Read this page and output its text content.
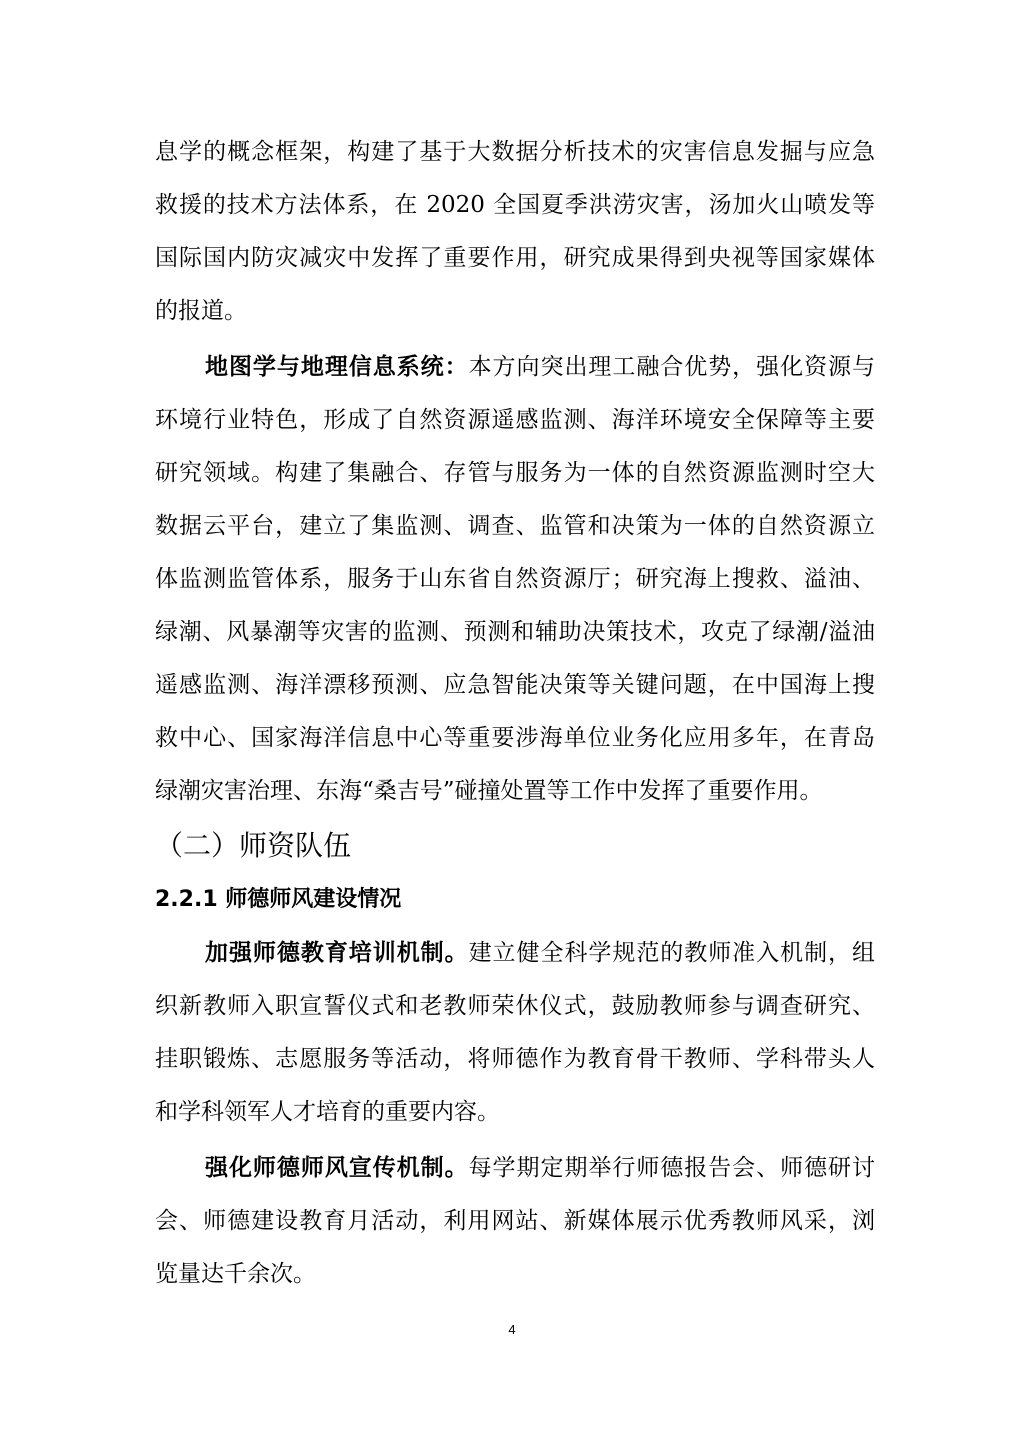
息学的概念框架，构建了基于大数据分析技术的灾害信息发掘与应急
救援的技术方法体系，在 2020 全国夏季洪涝灾害，汤加火山喷发等
国际国内防灾减灾中发挥了重要作用，研究成果得到央视等国家媒体
的报道。
地图学与地理信息系统：本方向突出理工融合优势，强化资源与
环境行业特色，形成了自然资源遥感监测、海洋环境安全保障等主要
研究领域。构建了集融合、存管与服务为一体的自然资源监测时空大
数据云平台，建立了集监测、调查、监管和决策为一体的自然资源立
体监测监管体系，服务于山东省自然资源厅；研究海上搜救、溢油、
绿潮、风暴潮等灾害的监测、预测和辅助决策技术，攻克了绿潮/溢油
遥感监测、海洋漂移预测、应急智能决策等关键问题，在中国海上搜
救中心、国家海洋信息中心等重要涉海单位业务化应用多年，在青岛
绿潮灾害治理、东海“桑吉号”碰撞处置等工作中发挥了重要作用。
（二）师资队伍
2.2.1 师德师风建设情况
加强师德教育培训机制。建立健全科学规范的教师准入机制，组
织新教师入职宣誓仪式和老教师荣休仪式，鼓励教师参与调查研究、
挂职锻炼、志愿服务等活动，将师德作为教育骨干教师、学科带头人
和学科领军人才培育的重要内容。
强化师德师风宣传机制。每学期定期举行师德报告会、师德研讨
会、师德建设教育月活动，利用网站、新媒体展示优秀教师风采，浏
览量达千余次。
4
